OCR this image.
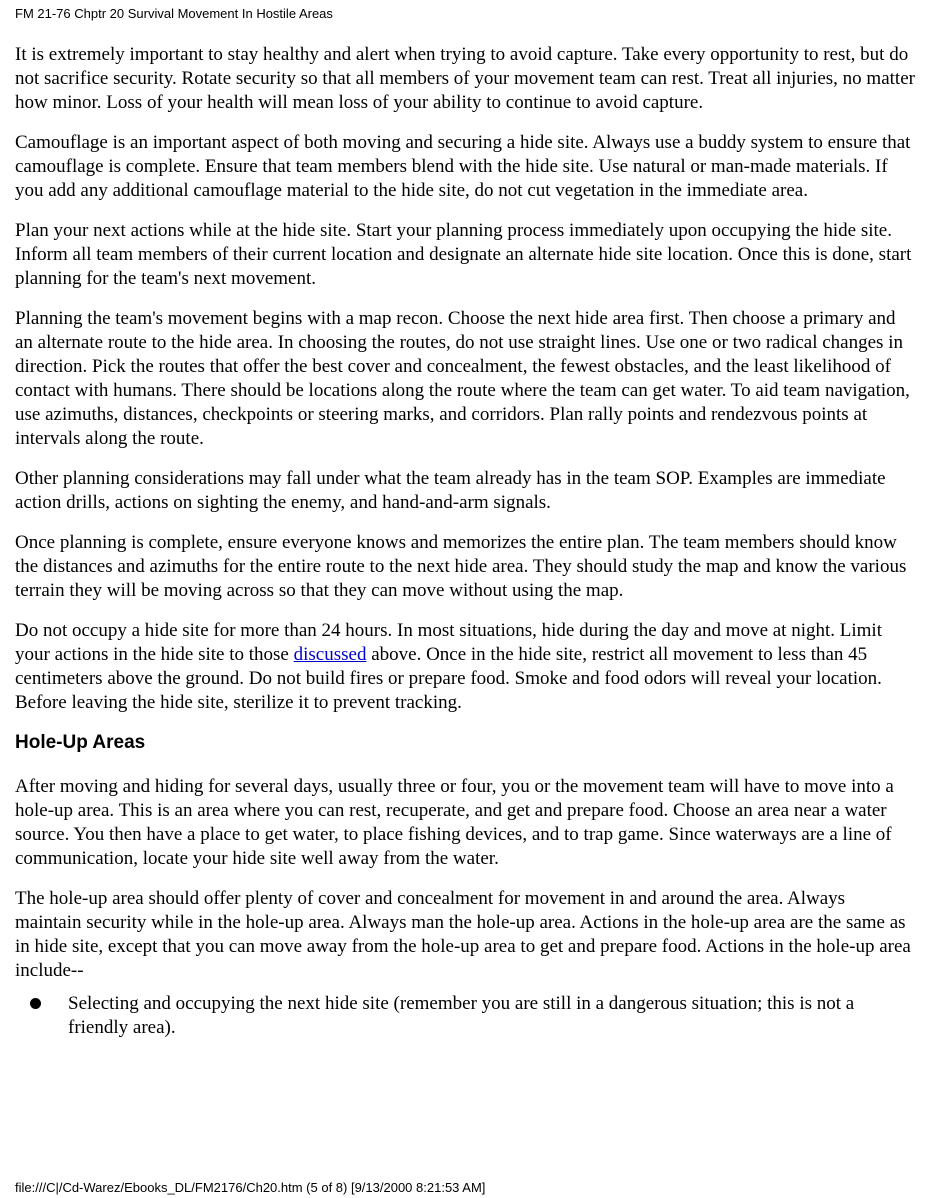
FM 21-76 Chptr 20 Survival Movement In Hostile Areas

It is extremely important to stay healthy and alert when trying to avoid capture. Take every opportunity to rest, but do not sacrifice security. Rotate security so that all members of your movement team can rest. Treat all injuries, no matter how minor. Loss of your health will mean loss of your ability to continue to avoid capture.

Camouflage is an important aspect of both moving and securing a hide site. Always use a buddy system to ensure that camouflage is complete. Ensure that team members blend with the hide site. Use natural or man-made materials. If you add any additional camouflage material to the hide site, do not cut vegetation in the immediate area.

Plan your next actions while at the hide site. Start your planning process immediately upon occupying the hide site. Inform all team members of their current location and designate an alternate hide site location. Once this is done, start planning for the team's next movement.

Planning the team's movement begins with a map recon. Choose the next hide area first. Then choose a primary and an alternate route to the hide area. In choosing the routes, do not use straight lines. Use one or two radical changes in direction. Pick the routes that offer the best cover and concealment, the fewest obstacles, and the least likelihood of contact with humans. There should be locations along the route where the team can get water. To aid team navigation, use azimuths, distances, checkpoints or steering marks, and corridors. Plan rally points and rendezvous points at intervals along the route.

Other planning considerations may fall under what the team already has in the team SOP. Examples are immediate action drills, actions on sighting the enemy, and hand-and-arm signals.

Once planning is complete, ensure everyone knows and memorizes the entire plan. The team members should know the distances and azimuths for the entire route to the next hide area. They should study the map and know the various terrain they will be moving across so that they can move without using the map.

Do not occupy a hide site for more than 24 hours. In most situations, hide during the day and move at night. Limit your actions in the hide site to those discussed above. Once in the hide site, restrict all movement to less than 45 centimeters above the ground. Do not build fires or prepare food. Smoke and food odors will reveal your location. Before leaving the hide site, sterilize it to prevent tracking.

Hole-Up Areas

After moving and hiding for several days, usually three or four, you or the movement team will have to move into a hole-up area. This is an area where you can rest, recuperate, and get and prepare food. Choose an area near a water source. You then have a place to get water, to place fishing devices, and to trap game. Since waterways are a line of communication, locate your hide site well away from the water.

The hole-up area should offer plenty of cover and concealment for movement in and around the area. Always maintain security while in the hole-up area. Always man the hole-up area. Actions in the hole-up area are the same as in hide site, except that you can move away from the hole-up area to get and prepare food. Actions in the hole-up area include--

Selecting and occupying the next hide site (remember you are still in a dangerous situation; this is not a friendly area).
file:///C|/Cd-Warez/Ebooks_DL/FM2176/Ch20.htm (5 of 8) [9/13/2000 8:21:53 AM]
